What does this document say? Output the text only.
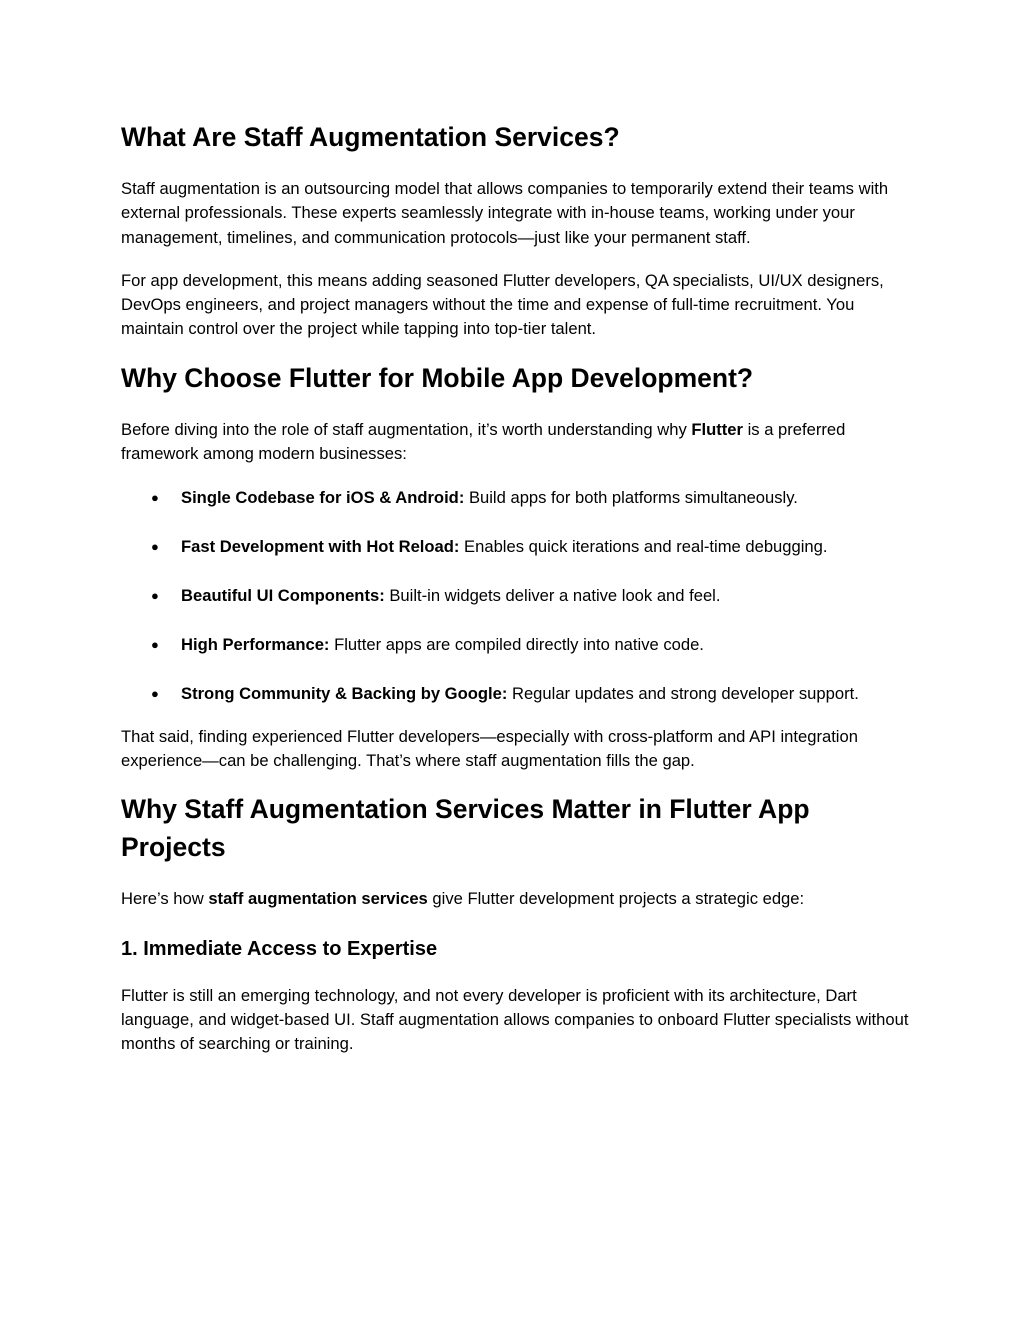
What Are Staff Augmentation Services?

Staff augmentation is an outsourcing model that allows companies to temporarily extend their teams with external professionals. These experts seamlessly integrate with in-house teams, working under your management, timelines, and communication protocols—just like your permanent staff.

For app development, this means adding seasoned Flutter developers, QA specialists, UI/UX designers, DevOps engineers, and project managers without the time and expense of full-time recruitment. You maintain control over the project while tapping into top-tier talent.

Why Choose Flutter for Mobile App Development?

Before diving into the role of staff augmentation, it’s worth understanding why Flutter is a preferred framework among modern businesses:

● Single Codebase for iOS & Android: Build apps for both platforms simultaneously.
● Fast Development with Hot Reload: Enables quick iterations and real-time debugging.
● Beautiful UI Components: Built-in widgets deliver a native look and feel.
● High Performance: Flutter apps are compiled directly into native code.
● Strong Community & Backing by Google: Regular updates and strong developer support.

That said, finding experienced Flutter developers—especially with cross-platform and API integration experience—can be challenging. That’s where staff augmentation fills the gap.

Why Staff Augmentation Services Matter in Flutter App Projects

Here’s how staff augmentation services give Flutter development projects a strategic edge:

1. Immediate Access to Expertise

Flutter is still an emerging technology, and not every developer is proficient with its architecture, Dart language, and widget-based UI. Staff augmentation allows companies to onboard Flutter specialists without months of searching or training.
